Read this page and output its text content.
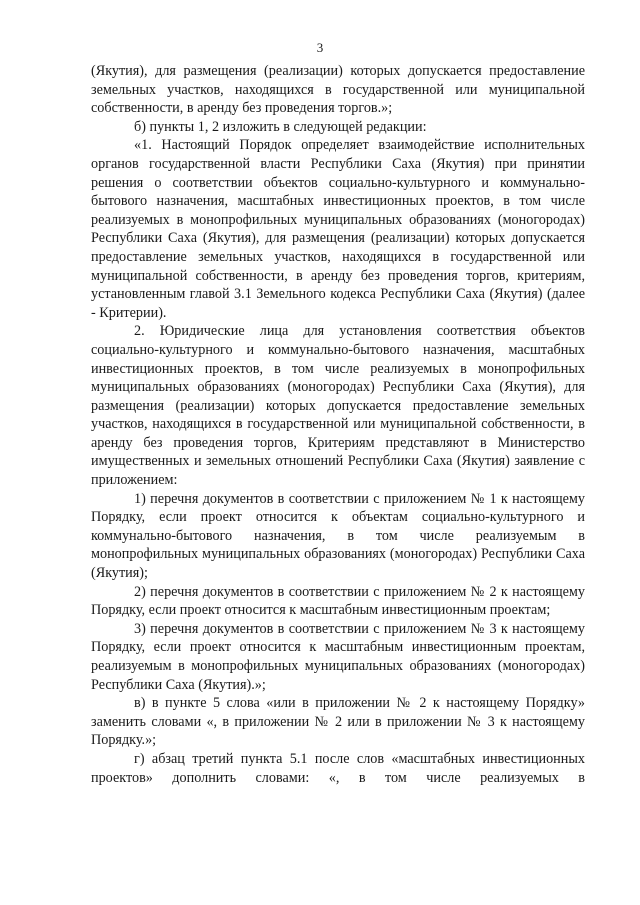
3

(Якутия), для размещения (реализации) которых допускается предоставление земельных участков, находящихся в государственной или муниципальной собственности, в аренду без проведения торгов.»;

б) пункты 1, 2 изложить в следующей редакции:

«1. Настоящий Порядок определяет взаимодействие исполнительных органов государственной власти Республики Саха (Якутия) при принятии решения о соответствии объектов социально-культурного и коммунально-бытового назначения, масштабных инвестиционных проектов, в том числе реализуемых в монопрофильных муниципальных образованиях (моногородах) Республики Саха (Якутия), для размещения (реализации) которых допускается предоставление земельных участков, находящихся в государственной или муниципальной собственности, в аренду без проведения торгов, критериям, установленным главой 3.1 Земельного кодекса Республики Саха (Якутия) (далее - Критерии).

2. Юридические лица для установления соответствия объектов социально-культурного и коммунально-бытового назначения, масштабных инвестиционных проектов, в том числе реализуемых в монопрофильных муниципальных образованиях (моногородах) Республики Саха (Якутия), для размещения (реализации) которых допускается предоставление земельных участков, находящихся в государственной или муниципальной собственности, в аренду без проведения торгов, Критериям представляют в Министерство имущественных и земельных отношений Республики Саха (Якутия) заявление с приложением:

1) перечня документов в соответствии с приложением № 1 к настоящему Порядку, если проект относится к объектам социально-культурного и коммунально-бытового назначения, в том числе реализуемым в монопрофильных муниципальных образованиях (моногородах) Республики Саха (Якутия);

2) перечня документов в соответствии с приложением № 2 к настоящему Порядку, если проект относится к масштабным инвестиционным проектам;

3) перечня документов в соответствии с приложением № 3 к настоящему Порядку, если проект относится к масштабным инвестиционным проектам, реализуемым в монопрофильных муниципальных образованиях (моногородах) Республики Саха (Якутия).»;

в) в пункте 5 слова «или в приложении № 2 к настоящему Порядку» заменить словами «, в приложении № 2 или в приложении № 3 к настоящему Порядку.»;

г) абзац третий пункта 5.1 после слов «масштабных инвестиционных проектов» дополнить словами: «, в том числе реализуемых в
